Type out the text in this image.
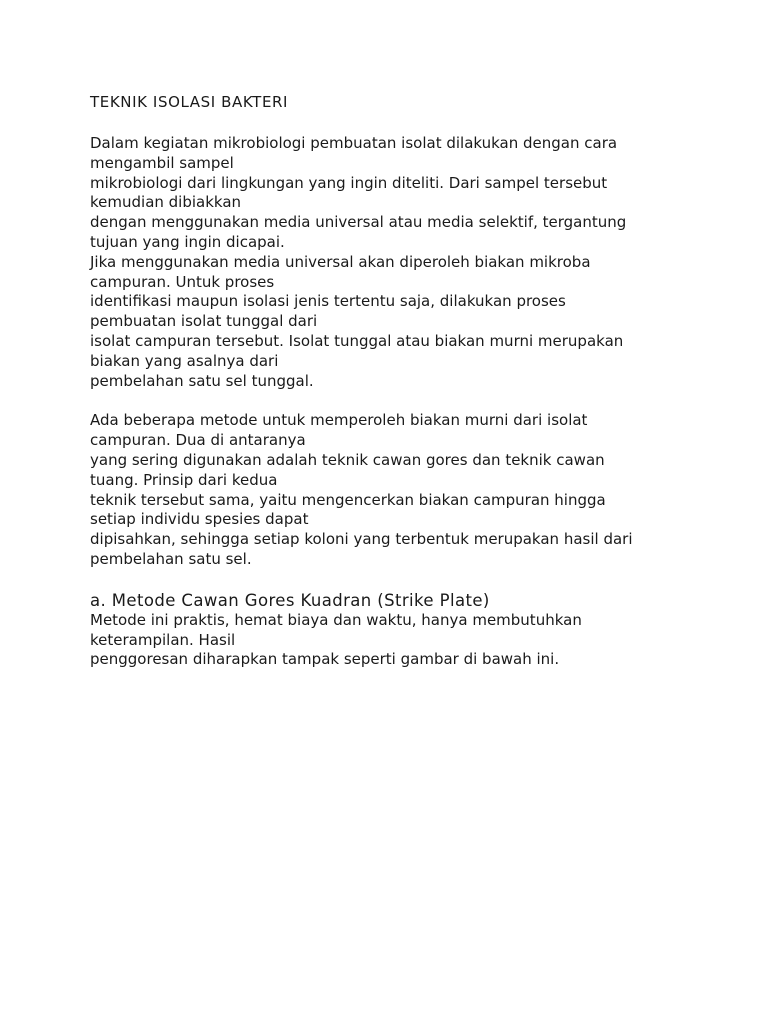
TEKNIK ISOLASI BAKTERI

Dalam kegiatan mikrobiologi pembuatan isolat dilakukan dengan cara
mengambil sampel
mikrobiologi dari lingkungan yang ingin diteliti. Dari sampel tersebut
kemudian dibiakkan
dengan menggunakan media universal atau media selektif, tergantung
tujuan yang ingin dicapai.
Jika menggunakan media universal akan diperoleh biakan mikroba
campuran. Untuk proses
identifikasi maupun isolasi jenis tertentu saja, dilakukan proses
pembuatan isolat tunggal dari
isolat campuran tersebut. Isolat tunggal atau biakan murni merupakan
biakan yang asalnya dari
pembelahan satu sel tunggal.

Ada beberapa metode untuk memperoleh biakan murni dari isolat
campuran. Dua di antaranya
yang sering digunakan adalah teknik cawan gores dan teknik cawan
tuang. Prinsip dari kedua
teknik tersebut sama, yaitu mengencerkan biakan campuran hingga
setiap individu spesies dapat
dipisahkan, sehingga setiap koloni yang terbentuk merupakan hasil dari
pembelahan satu sel.

a. Metode Cawan Gores Kuadran (Strike Plate)

Metode ini praktis, hemat biaya dan waktu, hanya membutuhkan
keterampilan. Hasil
penggoresan diharapkan tampak seperti gambar di bawah ini.
